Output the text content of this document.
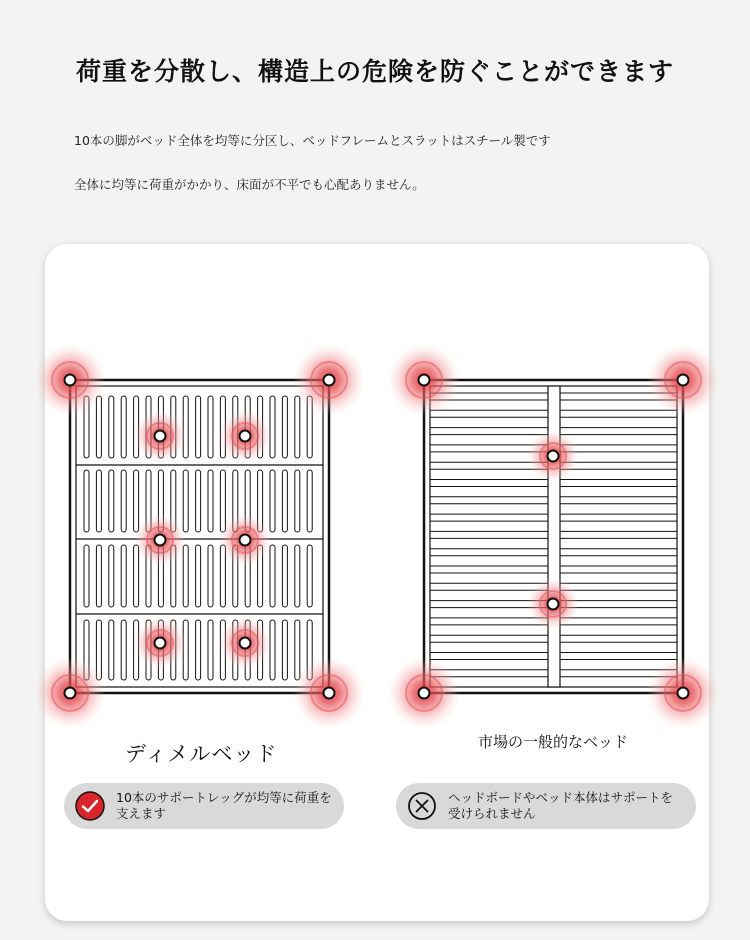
荷重を分散し、構造上の危険を防ぐことができます
10本の脚がベッド全体を均等に分区し、ベッドフレームとスラットはスチール製です
全体に均等に荷重がかかり、床面が不平でも心配ありません。
ディメルベッド	市場の一般的なベッド
10本のサポートレッグが均等に荷重を支えます
ヘッドボードやベッド本体はサポートを受けられません
